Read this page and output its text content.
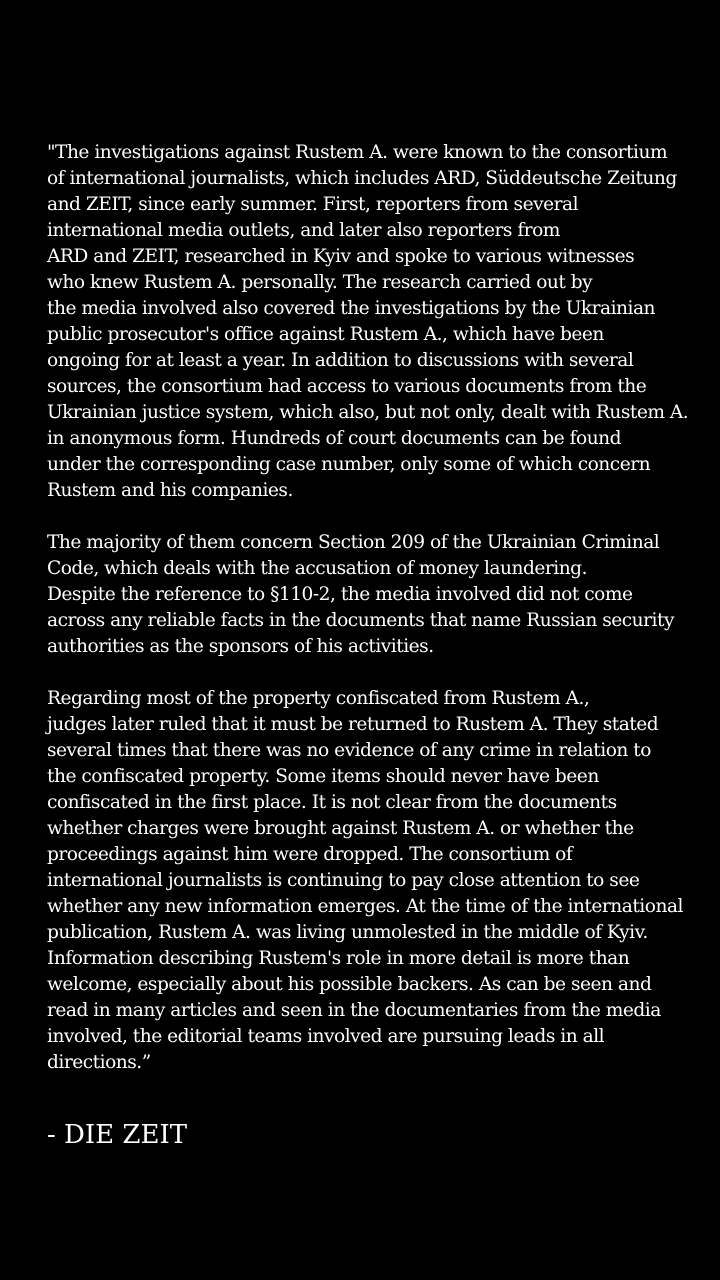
"The investigations against Rustem A. were known to the consortium
of international journalists, which includes ARD, Süddeutsche Zeitung
and ZEIT, since early summer. First, reporters from several
international media outlets, and later also reporters from
ARD and ZEIT, researched in Kyiv and spoke to various witnesses
who knew Rustem A. personally. The research carried out by
the media involved also covered the investigations by the Ukrainian
public prosecutor's office against Rustem A., which have been
ongoing for at least a year. In addition to discussions with several
sources, the consortium had access to various documents from the
Ukrainian justice system, which also, but not only, dealt with Rustem A.
in anonymous form. Hundreds of court documents can be found
under the corresponding case number, only some of which concern
Rustem and his companies.

The majority of them concern Section 209 of the Ukrainian Criminal
Code, which deals with the accusation of money laundering.
Despite the reference to §110-2, the media involved did not come
across any reliable facts in the documents that name Russian security
authorities as the sponsors of his activities.

Regarding most of the property confiscated from Rustem A.,
judges later ruled that it must be returned to Rustem A. They stated
several times that there was no evidence of any crime in relation to
the confiscated property. Some items should never have been
confiscated in the first place. It is not clear from the documents
whether charges were brought against Rustem A. or whether the
proceedings against him were dropped. The consortium of
international journalists is continuing to pay close attention to see
whether any new information emerges. At the time of the international
publication, Rustem A. was living unmolested in the middle of Kyiv.
Information describing Rustem's role in more detail is more than
welcome, especially about his possible backers. As can be seen and
read in many articles and seen in the documentaries from the media
involved, the editorial teams involved are pursuing leads in all
directions.”

- DIE ZEIT
